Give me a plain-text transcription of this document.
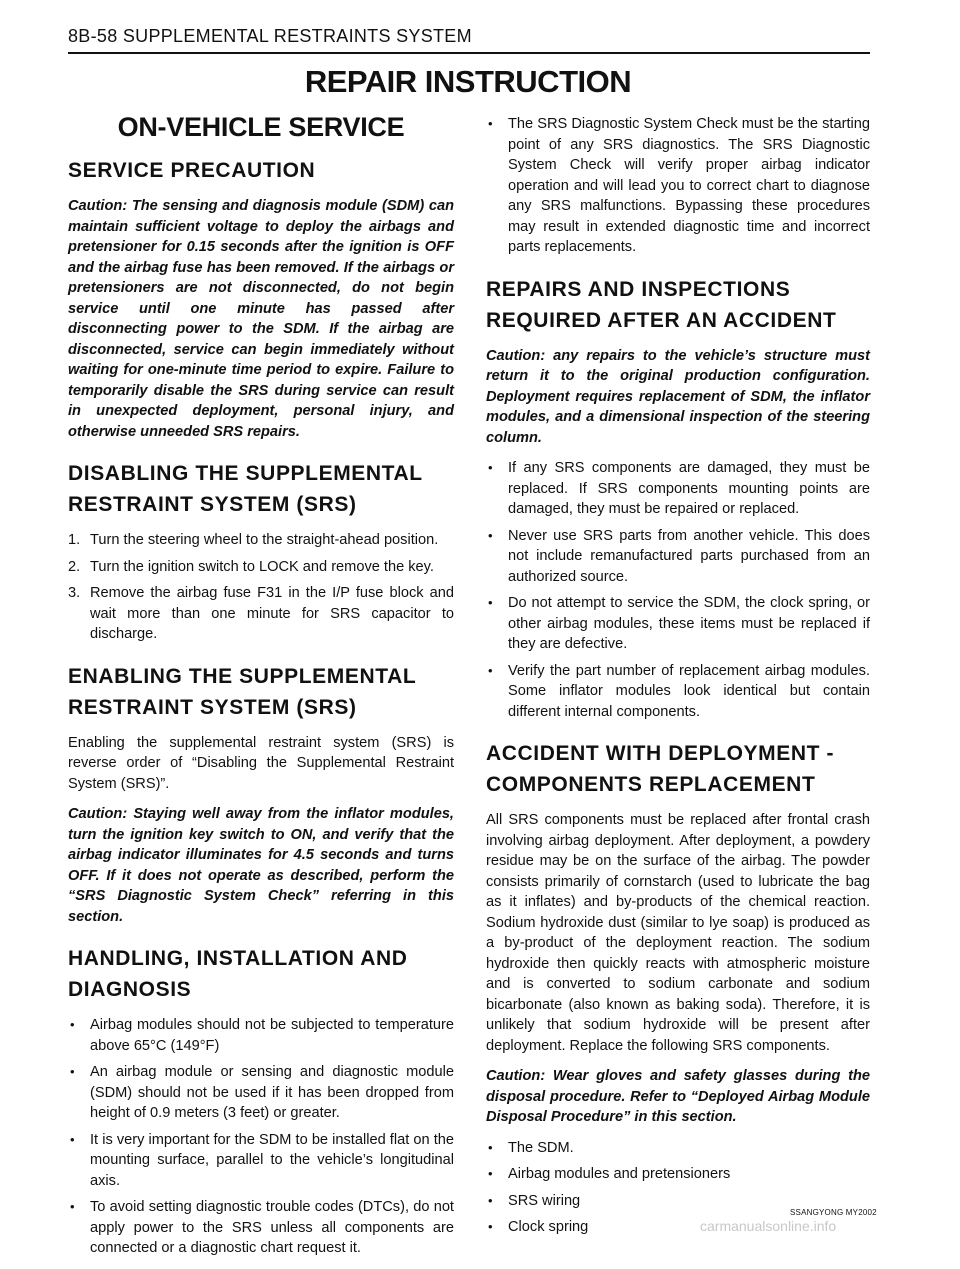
8B-58 SUPPLEMENTAL RESTRAINTS SYSTEM
REPAIR INSTRUCTION
ON-VEHICLE SERVICE
SERVICE PRECAUTION

Caution: The sensing and diagnosis module (SDM) can maintain sufficient voltage to deploy the airbags and pretensioner for 0.15 seconds after the ignition is OFF and the airbag fuse has been removed. If the airbags or pretensioners are not disconnected, do not begin service until one minute has passed after disconnecting power to the SDM. If the airbag are disconnected, service can begin immediately without waiting for one-minute time period to expire. Failure to temporarily disable the SRS during service can result in unexpected deployment, personal injury, and otherwise unneeded SRS repairs.

DISABLING THE SUPPLEMENTAL
RESTRAINT SYSTEM (SRS)
1. Turn the steering wheel to the straight-ahead position.
2. Turn the ignition switch to LOCK and remove the key.
3. Remove the airbag fuse F31 in the I/P fuse block and wait more than one minute for SRS capacitor to discharge.
ENABLING THE SUPPLEMENTAL
RESTRAINT SYSTEM (SRS)

Enabling the supplemental restraint system (SRS) is reverse order of “Disabling the Supplemental Restraint System (SRS)”.

Caution: Staying well away from the inflator modules, turn the ignition key switch to ON, and verify that the airbag indicator illuminates for 4.5 seconds and turns OFF. If it does not operate as described, perform the “SRS Diagnostic System Check” referring in this section.

HANDLING, INSTALLATION AND
DIAGNOSIS
• Airbag modules should not be subjected to temperature above 65°C (149°F)
• An airbag module or sensing and diagnostic module (SDM) should not be used if it has been dropped from height of 0.9 meters (3 feet) or greater.
• It is very important for the SDM to be installed flat on the mounting surface, parallel to the vehicle’s longitudinal axis.
• To avoid setting diagnostic trouble codes (DTCs), do not apply power to the SRS unless all components are connected or a diagnostic chart request it.
• The SRS Diagnostic System Check must be the starting point of any SRS diagnostics. The SRS Diagnostic System Check will verify proper airbag indicator operation and will lead you to correct chart to diagnose any SRS malfunctions. Bypassing these procedures may result in extended diagnostic time and incorrect parts replacements.
REPAIRS AND INSPECTIONS
REQUIRED AFTER AN ACCIDENT

Caution: any repairs to the vehicle’s structure must return it to the original production configuration. Deployment requires replacement of SDM, the inflator modules, and a dimensional inspection of the steering column.

• If any SRS components are damaged, they must be replaced. If SRS components mounting points are damaged, they must be repaired or replaced.
• Never use SRS parts from another vehicle. This does not include remanufactured parts purchased from an authorized source.
• Do not attempt to service the SDM, the clock spring, or other airbag modules, these items must be replaced if they are defective.
• Verify the part number of replacement airbag modules. Some inflator modules look identical but contain different internal components.
ACCIDENT WITH DEPLOYMENT -
COMPONENTS REPLACEMENT

All SRS components must be replaced after frontal crash involving airbag deployment. After deployment, a powdery residue may be on the surface of the airbag. The powder consists primarily of cornstarch (used to lubricate the bag as it inflates) and by-products of the chemical reaction. Sodium hydroxide dust (similar to lye soap) is produced as a by-product of the deployment reaction. The sodium hydroxide then quickly reacts with atmospheric moisture and is converted to sodium carbonate and sodium bicarbonate (also known as baking soda). Therefore, it is unlikely that sodium hydroxide will be present after deployment. Replace the following SRS components.

Caution: Wear gloves and safety glasses during the disposal procedure. Refer to “Deployed Airbag Module Disposal Procedure” in this section.

• The SDM.
• Airbag modules and pretensioners
• SRS wiring
• Clock spring
SSANGYONG MY2002
carmanualsonline.info
